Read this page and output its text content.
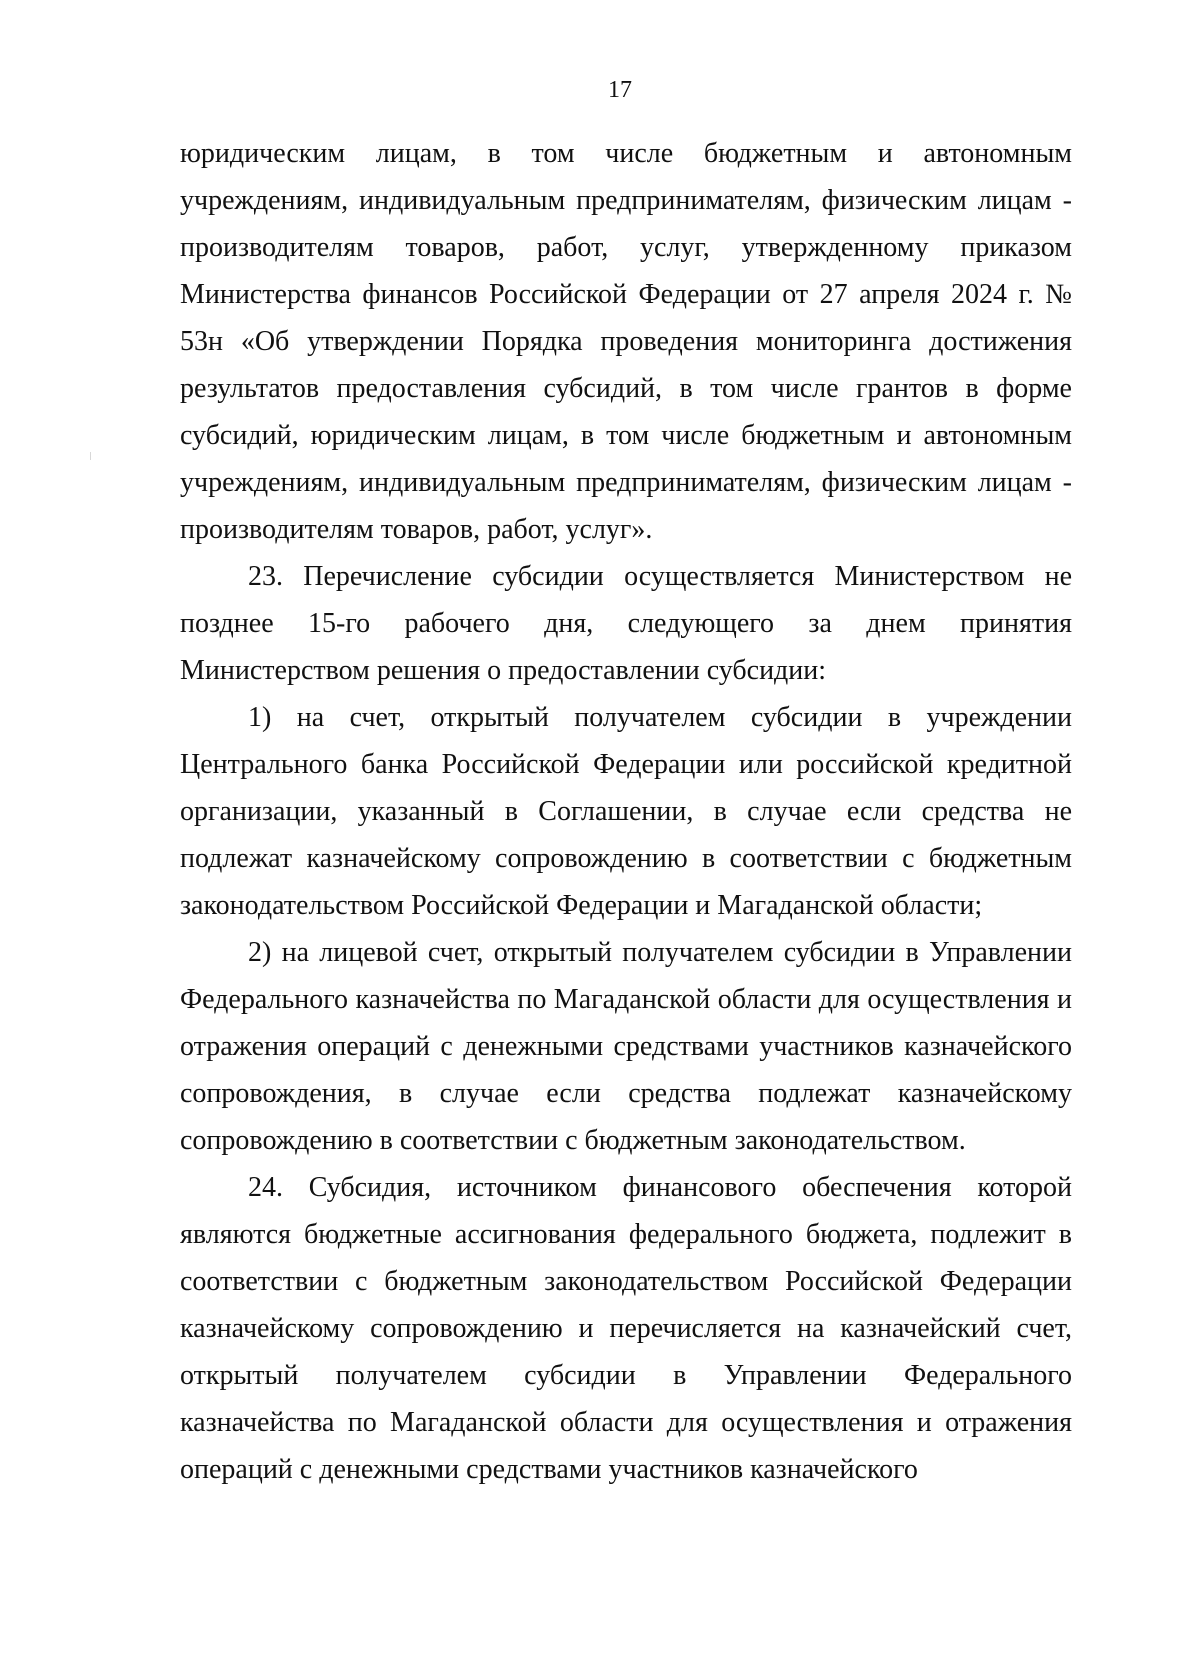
17

юридическим лицам, в том числе бюджетным и автономным учреждениям, индивидуальным предпринимателям, физическим лицам - производителям товаров, работ, услуг, утвержденному приказом Министерства финансов Российской Федерации от 27 апреля 2024 г. № 53н «Об утверждении Порядка проведения мониторинга достижения результатов предоставления субсидий, в том числе грантов в форме субсидий, юридическим лицам, в том числе бюджетным и автономным учреждениям, индивидуальным предпринимателям, физическим лицам - производителям товаров, работ, услуг».

23. Перечисление субсидии осуществляется Министерством не позднее 15-го рабочего дня, следующего за днем принятия Министерством решения о предоставлении субсидии:

1) на счет, открытый получателем субсидии в учреждении Центрального банка Российской Федерации или российской кредитной организации, указанный в Соглашении, в случае если средства не подлежат казначейскому сопровождению в соответствии с бюджетным законодательством Российской Федерации и Магаданской области;

2) на лицевой счет, открытый получателем субсидии в Управлении Федерального казначейства по Магаданской области для осуществления и отражения операций с денежными средствами участников казначейского сопровождения, в случае если средства подлежат казначейскому сопровождению в соответствии с бюджетным законодательством.

24. Субсидия, источником финансового обеспечения которой являются бюджетные ассигнования федерального бюджета, подлежит в соответствии с бюджетным законодательством Российской Федерации казначейскому сопровождению и перечисляется на казначейский счет, открытый получателем субсидии в Управлении Федерального казначейства по Магаданской области для осуществления и отражения операций с денежными средствами участников казначейского
